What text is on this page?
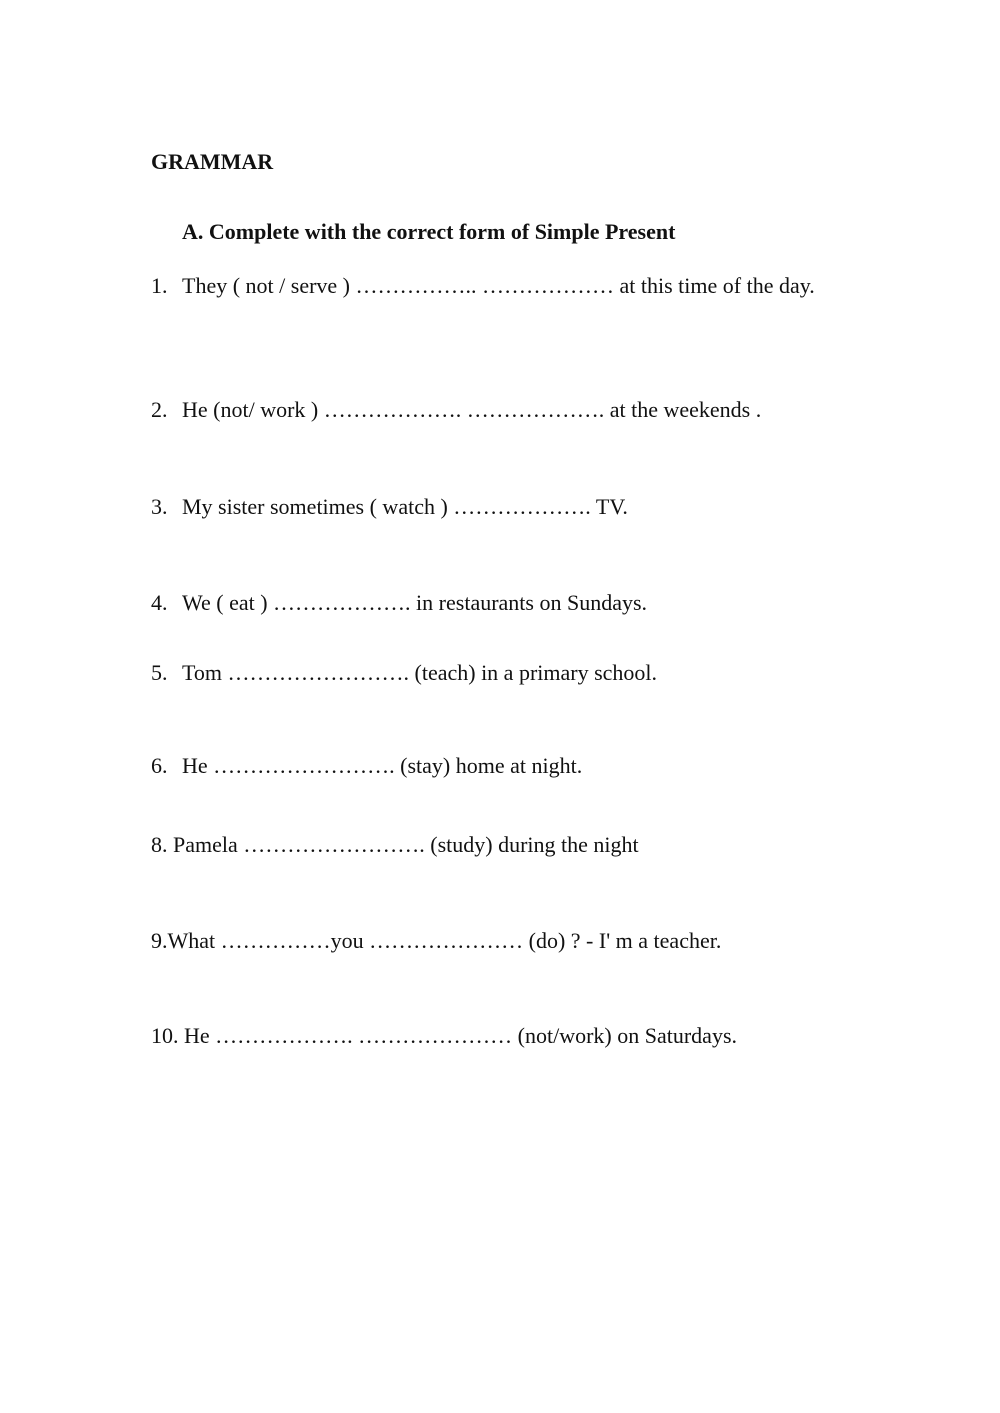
GRAMMAR
A. Complete with the correct form of Simple Present
1. They ( not / serve ) …………….. ……………… at this time of the day.
2. He (not/ work ) ………………. ………………. at the weekends .
3. My sister sometimes ( watch ) ………………. TV.
4. We ( eat ) ………………. in restaurants on Sundays.
5. Tom ……………………. (teach) in a primary school.
6. He ……………………. (stay) home at night.
8. Pamela ……………………. (study) during the night
9.What ……………you ………………… (do) ? - I' m a teacher.
10. He ………………. ………………… (not/work) on Saturdays.
